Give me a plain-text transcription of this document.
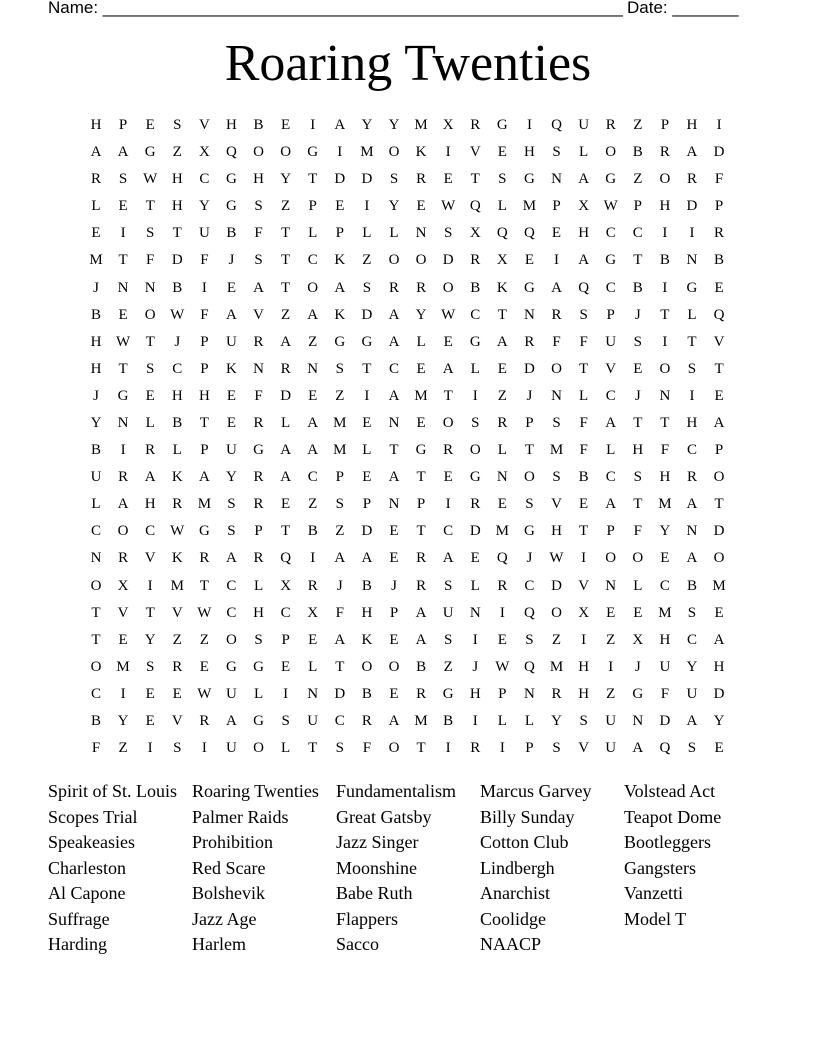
Name: _______________________________________________________ Date: _______
Roaring Twenties
H	P	E	S	V	H	B	E	I	A	Y	Y	M X	R	G	I	Q	U	R	Z	P	H	I
A	A	G	Z	X	Q	O	O	G	I	M	O	K	I	V	E	H	S	L	O	B	R	A	D
R	S	W H	C	G	H	Y	T	D	D	S	R	E	T	S	G	N	A	G	Z	O	R	F
L	E	T	H	Y	G	S	Z	P	E	I	Y	E	W Q	L	M	P	X W	P	H	D	P
E	I	S	T	U	B	F	T	L	P	L	L	N	S	X	Q	Q	E	H	C	C	I	I	R
M	T	F	D	F	J	S	T	C	K	Z	O	O	D	R	X	E	I	A	G	T	B	N	B
J	N	N	B	I	E	A	T	O	A	S	R	R	O	B	K	G	A	Q	C	B	I	G	E
B	E	O W	F	A	V	Z	A	K	D	A	Y W	C	T	N	R	S	P	J	T	L	Q
H W	T	J	P	U	R	A	Z	G	G	A	L	E	G	A	R	F	F	U	S	I	T	V
H	T	S	C	P	K	N	R	N	S	T	C	E	A	L	E	D	O	T	V	E	O	S	T
J	G	E	H	H	E	F	D	E	Z	I	A	M	T	I	Z	J	N	L	C	J	N	I	E
Y	N	L	B	T	E	R	L	A M	E	N	E	O	S	R	P	S	F	A	T	T	H	A
B	I	R	L	P	U	G	A	A M	L	T	G	R	O	L	T	M	F	L	H	F	C	P
U	R	A	K	A	Y	R	A	C	P	E	A	T	E	G	N	O	S	B	C	S	H	R	O
L	A	H	R	M	S	R	E	Z	S	P	N	P	I	R	E	S	V	E	A	T	M	A	T
C	O	C	W G	S	P	T	B	Z	D	E	T	C	D	M	G	H	T	P	F	Y	N	D
N	R	V	K	R	A	R	Q	I	A	A	E	R	A	E	Q	J	W	I	O	O	E	A	O
O	X	I	M	T	C	L	X	R	J	B	J	R	S	L	R	C	D	V	N	L	C	B	M
T	V	T	V W C	H	C	X	F	H	P	A	U	N	I	Q	O	X	E	E	M	S	E
T	E	Y	Z	Z	O	S	P	E	A	K	E	A	S	I	E	S	Z	I	Z	X	H	C	A
O M	S	R	E	G	G	E	L	T	O	O	B	Z	J	W Q M	H	I	J	U	Y	H
C	I	E	E	W U	L	I	N	D	B	E	R	G	H	P	N	R	H	Z	G	F	U	D
B	Y	E	V	R	A	G	S	U	C	R	A	M	B	I	L	L	Y	S	U	N	D	A	Y
F	Z	I	S	I	U	O	L	T	S	F	O	T	I	R	I	P	S	V	U	A	Q	S	E
Spirit of St. Louis
Scopes Trial
Speakeasies
Charleston
Al Capone
Suffrage
Harding
Roaring Twenties
Palmer Raids
Prohibition
Red Scare
Bolshevik
Jazz Age
Harlem
Fundamentalism
Great Gatsby
Jazz Singer
Moonshine
Babe Ruth
Flappers
Sacco
Marcus Garvey
Billy Sunday
Cotton Club
Lindbergh
Anarchist
Coolidge
NAACP
Volstead Act
Teapot Dome
Bootleggers
Gangsters
Vanzetti
Model T
